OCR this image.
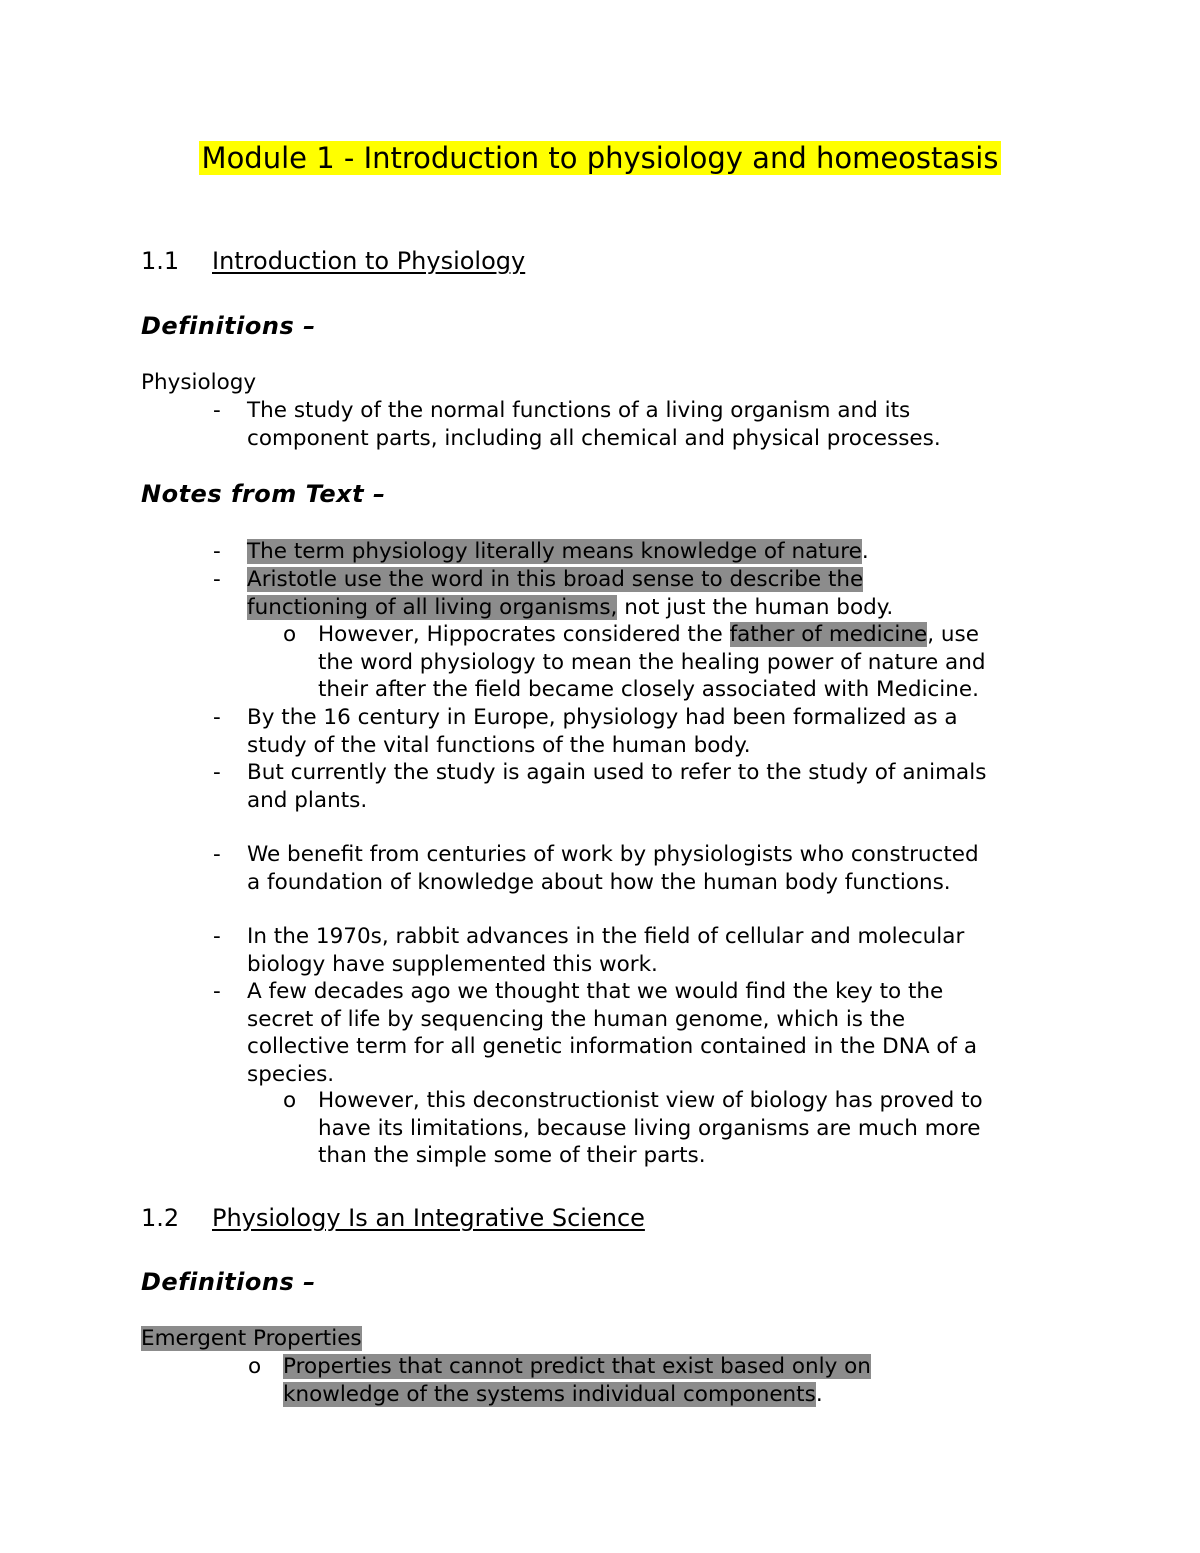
Module 1 - Introduction to physiology and homeostasis
1.1 Introduction to Physiology
Definitions –
Physiology
- The study of the normal functions of a living organism and its
component parts, including all chemical and physical processes.
Notes from Text –
- The term physiology literally means knowledge of nature.
- Aristotle use the word in this broad sense to describe the
functioning of all living organisms, not just the human body.
o However, Hippocrates considered the father of medicine, use
the word physiology to mean the healing power of nature and
their after the field became closely associated with Medicine.
- By the 16 century in Europe, physiology had been formalized as a
study of the vital functions of the human body.
- But currently the study is again used to refer to the study of animals
and plants.
- We benefit from centuries of work by physiologists who constructed
a foundation of knowledge about how the human body functions.
- In the 1970s, rabbit advances in the field of cellular and molecular
biology have supplemented this work.
- A few decades ago we thought that we would find the key to the
secret of life by sequencing the human genome, which is the
collective term for all genetic information contained in the DNA of a
species.
o However, this deconstructionist view of biology has proved to
have its limitations, because living organisms are much more
than the simple some of their parts.
1.2 Physiology Is an Integrative Science
Definitions –
Emergent Properties
o Properties that cannot predict that exist based only on
knowledge of the systems individual components.
